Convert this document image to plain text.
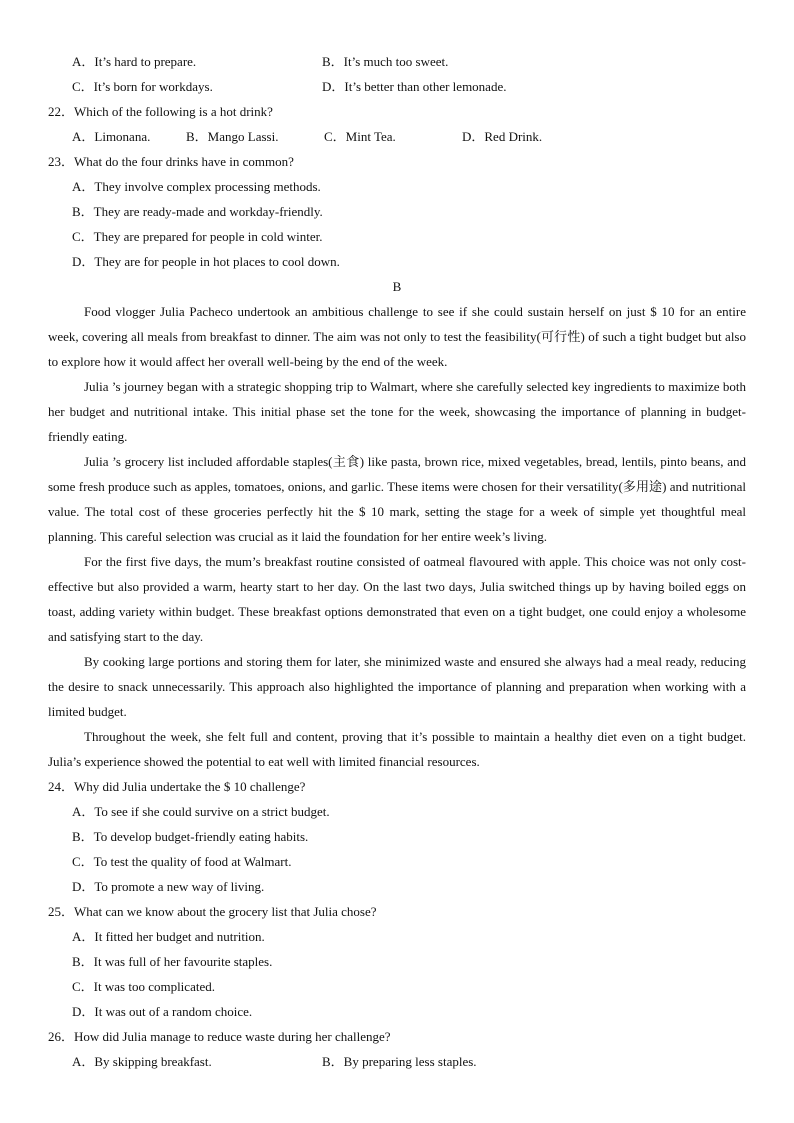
A．It’s hard to prepare.	B．It’s much too sweet.
C．It’s born for workdays.	D．It’s better than other lemonade.
22．Which of the following is a hot drink?
A．Limonana.	B．Mango Lassi.	C．Mint Tea.	D．Red Drink.
23．What do the four drinks have in common?
A．They involve complex processing methods.
B．They are ready-made and workday-friendly.
C．They are prepared for people in cold winter.
D．They are for people in hot places to cool down.
B

Food vlogger Julia Pacheco undertook an ambitious challenge to see if she could sustain herself on just $ 10 for an entire week, covering all meals from breakfast to dinner. The aim was not only to test the feasibility(可行性) of such a tight budget but also to explore how it would affect her overall well-being by the end of the week.

Julia ’s journey began with a strategic shopping trip to Walmart, where she carefully selected key ingredients to maximize both her budget and nutritional intake. This initial phase set the tone for the week, showcasing the importance of planning in budget-friendly eating.

Julia ’s grocery list included affordable staples(主食) like pasta, brown rice, mixed vegetables, bread, lentils, pinto beans, and some fresh produce such as apples, tomatoes, onions, and garlic. These items were chosen for their versatility(多用途) and nutritional value. The total cost of these groceries perfectly hit the $ 10 mark, setting the stage for a week of simple yet thoughtful meal planning. This careful selection was crucial as it laid the foundation for her entire week’s living.

For the first five days, the mum’s breakfast routine consisted of oatmeal flavoured with apple. This choice was not only cost-effective but also provided a warm, hearty start to her day. On the last two days, Julia switched things up by having boiled eggs on toast, adding variety within budget. These breakfast options demonstrated that even on a tight budget, one could enjoy a wholesome and satisfying start to the day.

By cooking large portions and storing them for later, she minimized waste and ensured she always had a meal ready, reducing the desire to snack unnecessarily. This approach also highlighted the importance of planning and preparation when working with a limited budget.

Throughout the week, she felt full and content, proving that it’s possible to maintain a healthy diet even on a tight budget. Julia’s experience showed the potential to eat well with limited financial resources.

24．Why did Julia undertake the $ 10 challenge?
A．To see if she could survive on a strict budget.
B．To develop budget-friendly eating habits.
C．To test the quality of food at Walmart.
D．To promote a new way of living.
25．What can we know about the grocery list that Julia chose?
A．It fitted her budget and nutrition.
B．It was full of her favourite staples.
C．It was too complicated.
D．It was out of a random choice.
26．How did Julia manage to reduce waste during her challenge?
A．By skipping breakfast.	B．By preparing less staples.
